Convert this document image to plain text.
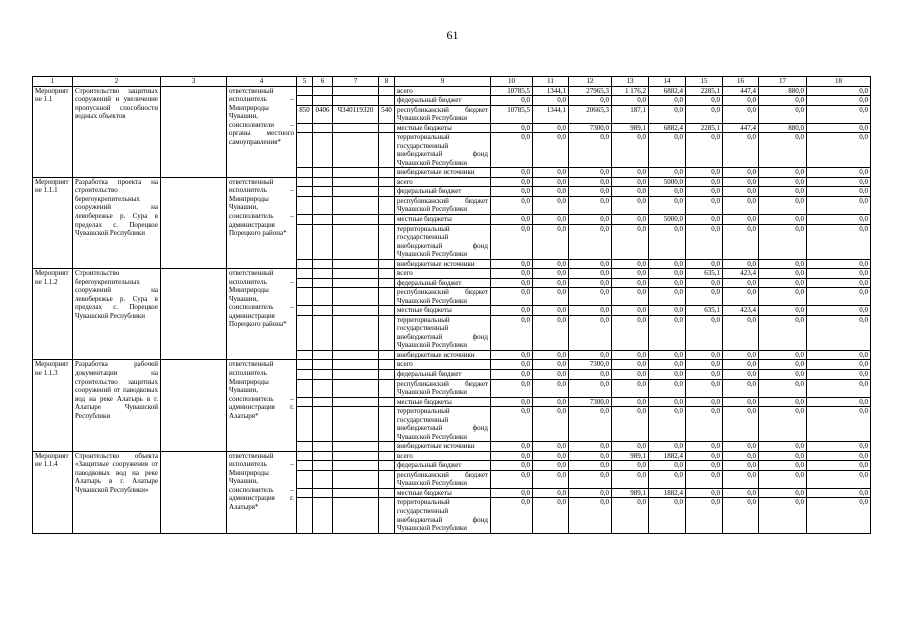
61
1	2	3	4	5	6	7	8	9	10	11	12	13	14	15	16	17	18
Мероприятие 1.1	Строительство защитных сооружений и увеличение пропускной способности водных объектов		ответственный исполнитель – Минприроды Чувашии, соисполнители – органы местного самоуправления*					всего	10785,5	1344,1	27965,3	1 176,2	6882,4	2285,1	447,4	880,0	0,0
								федеральный бюджет	0,0	0,0	0,0	0,0	0,0	0,0	0,0	0,0	0,0
				850	0406	Ч340119320	540	республиканский бюджет Чувашской Республики	10785,5	1344,1	20665,3	187,1	0,0	0,0	0,0	0,0	0,0
								местные бюджеты	0,0	0,0	7300,0	989,1	6882,4	2285,1	447,4	880,0	0,0
								территориальный государственный внебюджетный фонд Чувашской Республики	0,0	0,0	0,0	0,0	0,0	0,0	0,0	0,0	0,0
								внебюджетные источники	0,0	0,0	0,0	0,0	0,0	0,0	0,0	0,0	0,0
Мероприятие 1.1.1	Разработка проекта на строительство берегоукрепительных сооружений на левобережье р. Сура в пределах с. Порецкое Чувашской Республики		ответственный исполнитель – Минприроды Чувашии, соисполнитель – администрация Порецкого района*					всего	0,0	0,0	0,0	0,0	5000,0	0,0	0,0	0,0	0,0
								федеральный бюджет	0,0	0,0	0,0	0,0	0,0	0,0	0,0	0,0	0,0
								республиканский бюджет Чувашской Республики	0,0	0,0	0,0	0,0	0,0	0,0	0,0	0,0	0,0
								местные бюджеты	0,0	0,0	0,0	0,0	5000,0	0,0	0,0	0,0	0,0
								территориальный государственный внебюджетный фонд Чувашской Республики	0,0	0,0	0,0	0,0	0,0	0,0	0,0	0,0	0,0
								внебюджетные источники	0,0	0,0	0,0	0,0	0,0	0,0	0,0	0,0	0,0
Мероприятие 1.1.2	Строительство берегоукрепительных сооружений на левобережье р. Сура в пределах с. Порецкое Чувашской Республики		ответственный исполнитель – Минприроды Чувашии, соисполнитель – администрация Порецкого района*					всего	0,0	0,0	0,0	0,0	0,0	635,1	423,4	0,0	0,0
								федеральный бюджет	0,0	0,0	0,0	0,0	0,0	0,0	0,0	0,0	0,0
								республиканский бюджет Чувашской Республики	0,0	0,0	0,0	0,0	0,0	0,0	0,0	0,0	0,0
								местные бюджеты	0,0	0,0	0,0	0,0	0,0	635,1	423,4	0,0	0,0
								территориальный государственный внебюджетный фонд Чувашской Республики	0,0	0,0	0,0	0,0	0,0	0,0	0,0	0,0	0,0
								внебюджетные источники	0,0	0,0	0,0	0,0	0,0	0,0	0,0	0,0	0,0
Мероприятие 1.1.3	Разработка рабочей документации на строительство защитных сооружений от паводковых вод на реке Алатырь в г. Алатыре Чувашской Республики		ответственный исполнитель Минприроды Чувашии, соисполнитель – администрация г. Алатыря*					всего	0,0	0,0	7300,0	0,0	0,0	0,0	0,0	0,0	0,0
								федеральный бюджет	0,0	0,0	0,0	0,0	0,0	0,0	0,0	0,0	0,0
								республиканский бюджет Чувашской Республики	0,0	0,0	0,0	0,0	0,0	0,0	0,0	0,0	0,0
								местные бюджеты	0,0	0,0	7300,0	0,0	0,0	0,0	0,0	0,0	0,0
								территориальный государственный внебюджетный фонд Чувашской Республики	0,0	0,0	0,0	0,0	0,0	0,0	0,0	0,0	0,0
								внебюджетные источники	0,0	0,0	0,0	0,0	0,0	0,0	0,0	0,0	0,0
Мероприятие 1.1.4	Строительство объекта «Защитные сооружения от паводковых вод на реке Алатырь в г. Алатыре Чувашской Республики»		ответственный исполнитель – Минприроды Чувашии, соисполнитель – администрация г. Алатыря*					всего	0,0	0,0	0,0	989,1	1882,4	0,0	0,0	0,0	0,0
								федеральный бюджет	0,0	0,0	0,0	0,0	0,0	0,0	0,0	0,0	0,0
								республиканский бюджет Чувашской Республики	0,0	0,0	0,0	0,0	0,0	0,0	0,0	0,0	0,0
								местные бюджеты	0,0	0,0	0,0	989,1	1882,4	0,0	0,0	0,0	0,0
								территориальный государственный внебюджетный фонд Чувашской Республики	0,0	0,0	0,0	0,0	0,0	0,0	0,0	0,0	0,0
